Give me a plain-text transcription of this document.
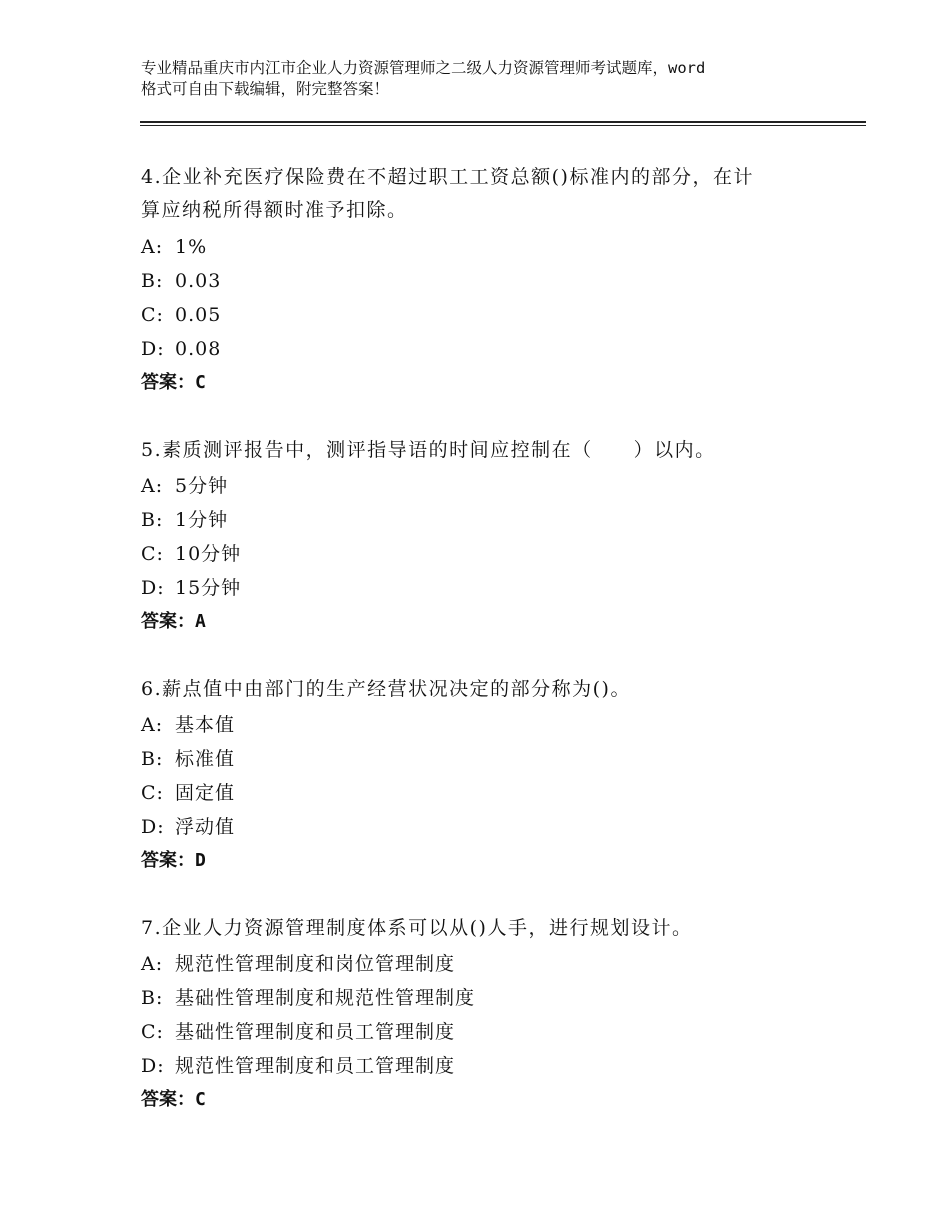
专业精品重庆市内江市企业人力资源管理师之二级人力资源管理师考试题库，word
格式可自由下载编辑，附完整答案！
4.企业补充医疗保险费在不超过职工工资总额()标准内的部分，在计
算应纳税所得额时准予扣除。
A: 1%
B: 0.03
C: 0.05
D: 0.08
答案：C
5.素质测评报告中，测评指导语的时间应控制在（　　）以内。
A: 5分钟
B: 1分钟
C: 10分钟
D: 15分钟
答案：A
6.薪点值中由部门的生产经营状况决定的部分称为()。
A: 基本值
B: 标准值
C: 固定值
D: 浮动值
答案：D
7.企业人力资源管理制度体系可以从()人手，进行规划设计。
A: 规范性管理制度和岗位管理制度
B: 基础性管理制度和规范性管理制度
C: 基础性管理制度和员工管理制度
D: 规范性管理制度和员工管理制度
答案：C
